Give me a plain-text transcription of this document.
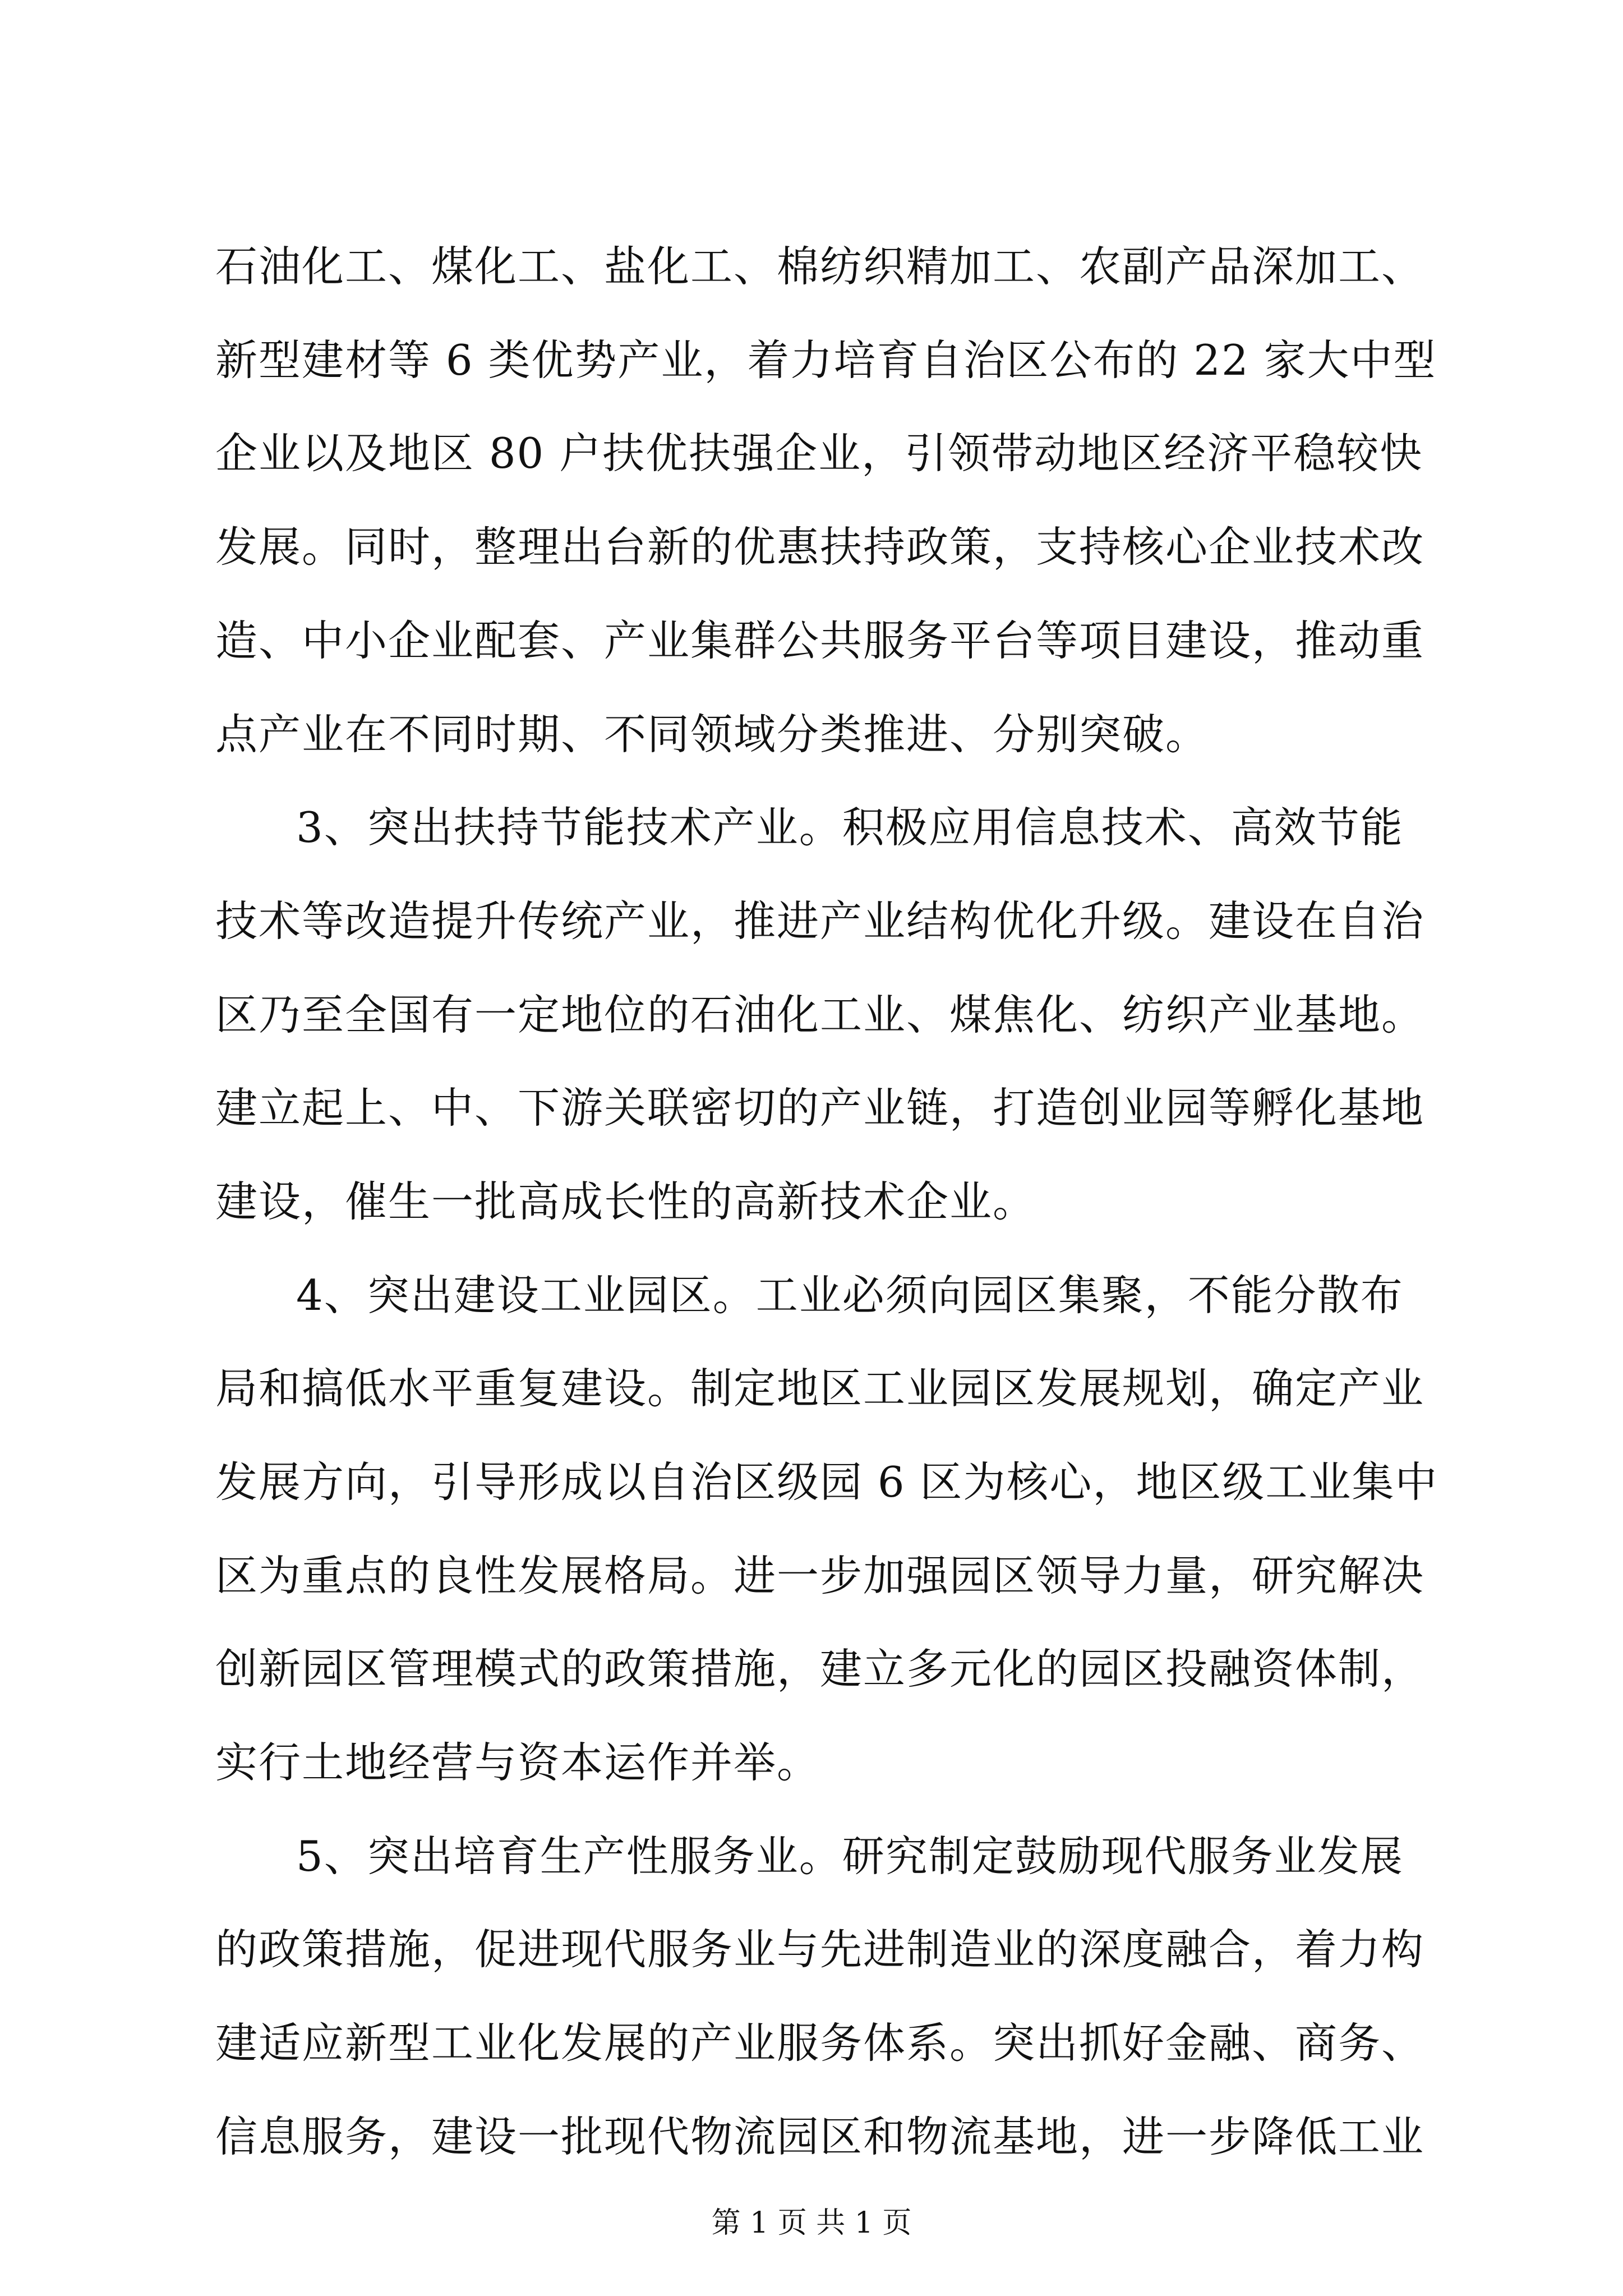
石油化工、煤化工、盐化工、棉纺织精加工、农副产品深加工、
新型建材等 6 类优势产业，着力培育自治区公布的 22 家大中型
企业以及地区 80 户扶优扶强企业，引领带动地区经济平稳较快
发展。同时，整理出台新的优惠扶持政策，支持核心企业技术改
造、中小企业配套、产业集群公共服务平台等项目建设，推动重
点产业在不同时期、不同领域分类推进、分别突破。
3、突出扶持节能技术产业。积极应用信息技术、高效节能
技术等改造提升传统产业，推进产业结构优化升级。建设在自治
区乃至全国有一定地位的石油化工业、煤焦化、纺织产业基地。
建立起上、中、下游关联密切的产业链，打造创业园等孵化基地
建设，催生一批高成长性的高新技术企业。
4、突出建设工业园区。工业必须向园区集聚，不能分散布
局和搞低水平重复建设。制定地区工业园区发展规划，确定产业
发展方向，引导形成以自治区级园 6 区为核心，地区级工业集中
区为重点的良性发展格局。进一步加强园区领导力量，研究解决
创新园区管理模式的政策措施，建立多元化的园区投融资体制，
实行土地经营与资本运作并举。
5、突出培育生产性服务业。研究制定鼓励现代服务业发展
的政策措施，促进现代服务业与先进制造业的深度融合，着力构
建适应新型工业化发展的产业服务体系。突出抓好金融、商务、
信息服务，建设一批现代物流园区和物流基地，进一步降低工业
第 1 页 共 1 页
